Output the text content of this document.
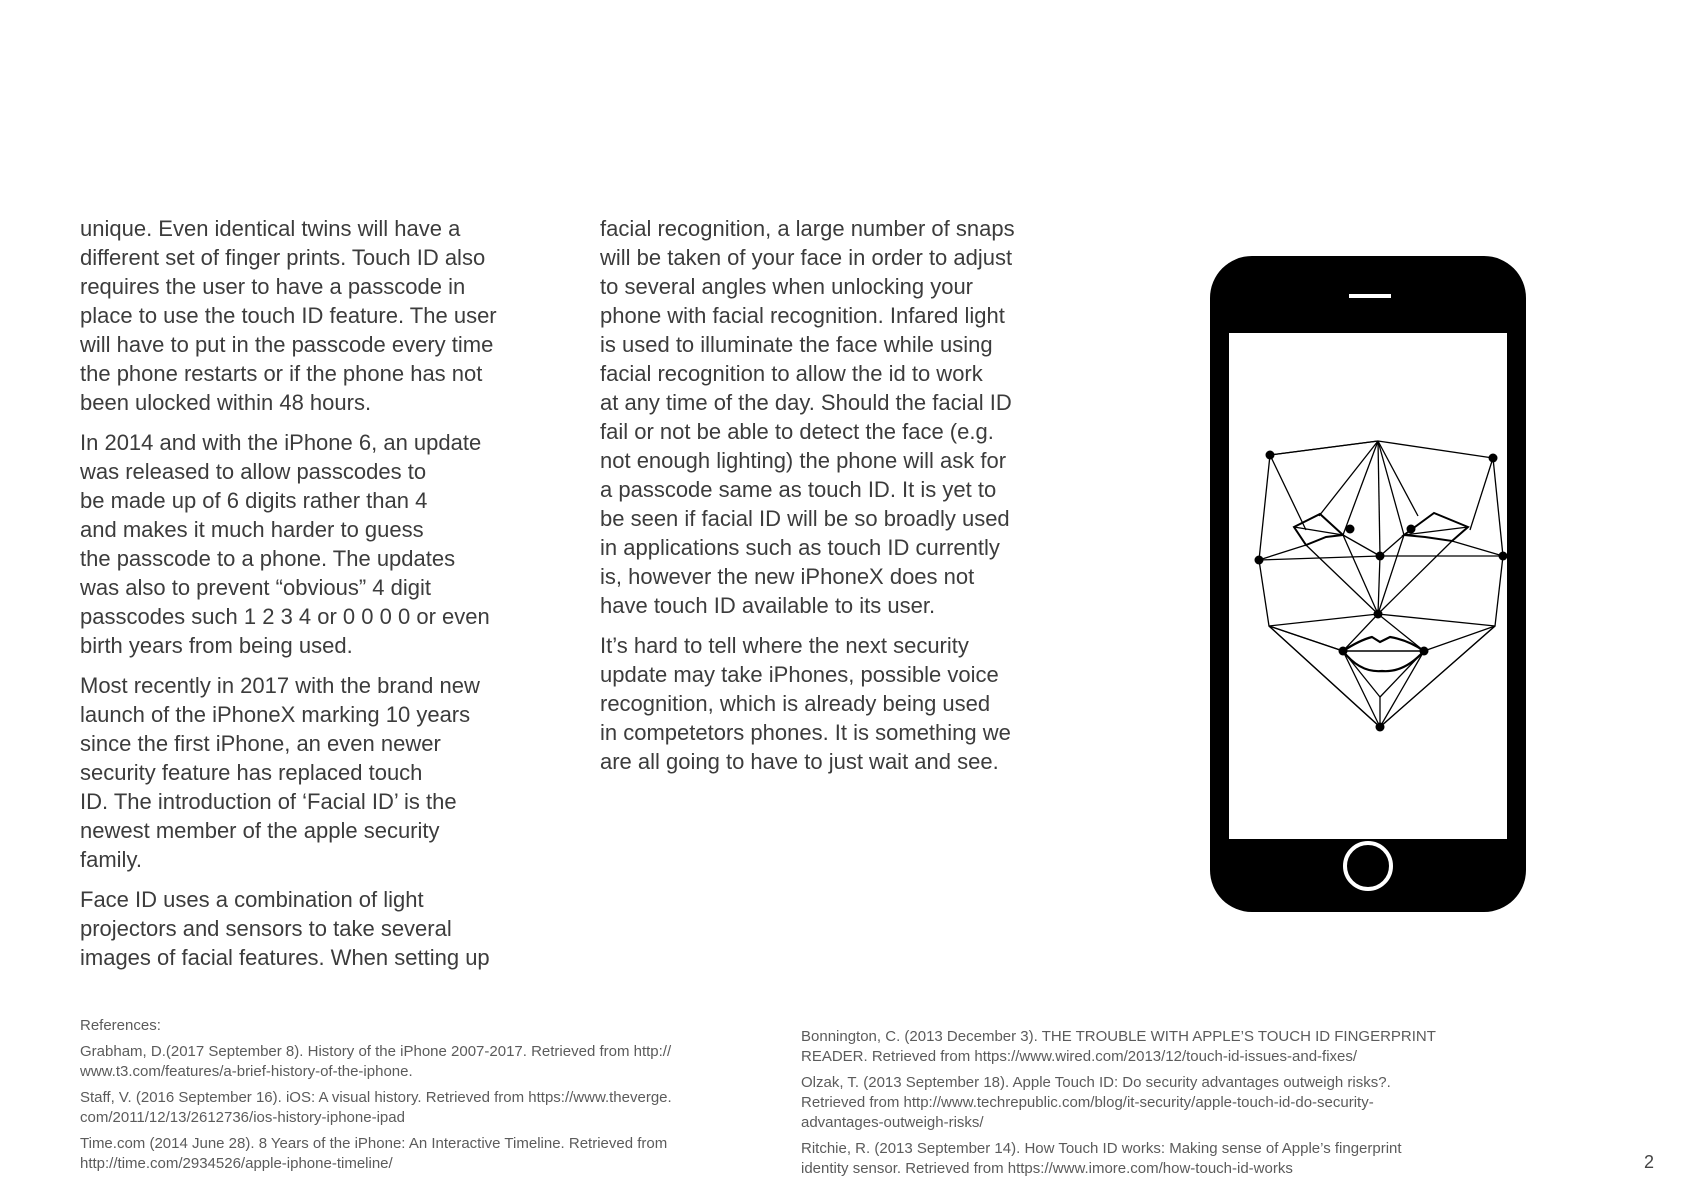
unique. Even identical twins will have a
different set of finger prints. Touch ID also
requires the user to have a passcode in
place to use the touch ID feature. The user
will have to put in the passcode every time
the phone restarts or if the phone has not
been ulocked within 48 hours.

In 2014 and with the iPhone 6, an update
was released to allow passcodes to
be made up of 6 digits rather than 4
and makes it much harder to guess
the passcode to a phone. The updates
was also to prevent “obvious” 4 digit
passcodes such 1 2 3 4 or 0 0 0 0 or even
birth years from being used.

Most recently in 2017 with the brand new
launch of the iPhoneX marking 10 years
since the first iPhone, an even newer
security feature has replaced touch
ID. The introduction of ‘Facial ID’ is the
newest member of the apple security
family.

Face ID uses a combination of light
projectors and sensors to take several
images of facial features. When setting up

facial recognition, a large number of snaps
will be taken of your face in order to adjust
to several angles when unlocking your
phone with facial recognition. Infared light
is used to illuminate the face while using
facial recognition to allow the id to work
at any time of the day. Should the facial ID
fail or not be able to detect the face (e.g.
not enough lighting) the phone will ask for
a passcode same as touch ID. It is yet to
be seen if facial ID will be so broadly used
in applications such as touch ID currently
is, however the new iPhoneX does not
have touch ID available to its user.

It’s hard to tell where the next security
update may take iPhones, possible voice
recognition, which is already being used
in competetors phones. It is something we
are all going to have to just wait and see.

References:

Grabham, D.(2017 September 8). History of the iPhone 2007-2017. Retrieved from http://
www.t3.com/features/a-brief-history-of-the-iphone.

Staff, V. (2016 September 16). iOS: A visual history. Retrieved from https://www.theverge.
com/2011/12/13/2612736/ios-history-iphone-ipad

Time.com (2014 June 28). 8 Years of the iPhone: An Interactive Timeline. Retrieved from
http://time.com/2934526/apple-iphone-timeline/

Bonnington, C. (2013 December 3). THE TROUBLE WITH APPLE’S TOUCH ID FINGERPRINT
READER. Retrieved from https://www.wired.com/2013/12/touch-id-issues-and-fixes/

Olzak, T. (2013 September 18). Apple Touch ID: Do security advantages outweigh risks?.
Retrieved from http://www.techrepublic.com/blog/it-security/apple-touch-id-do-security-
advantages-outweigh-risks/

Ritchie, R. (2013 September 14). How Touch ID works: Making sense of Apple’s fingerprint
identity sensor. Retrieved from https://www.imore.com/how-touch-id-works	2
